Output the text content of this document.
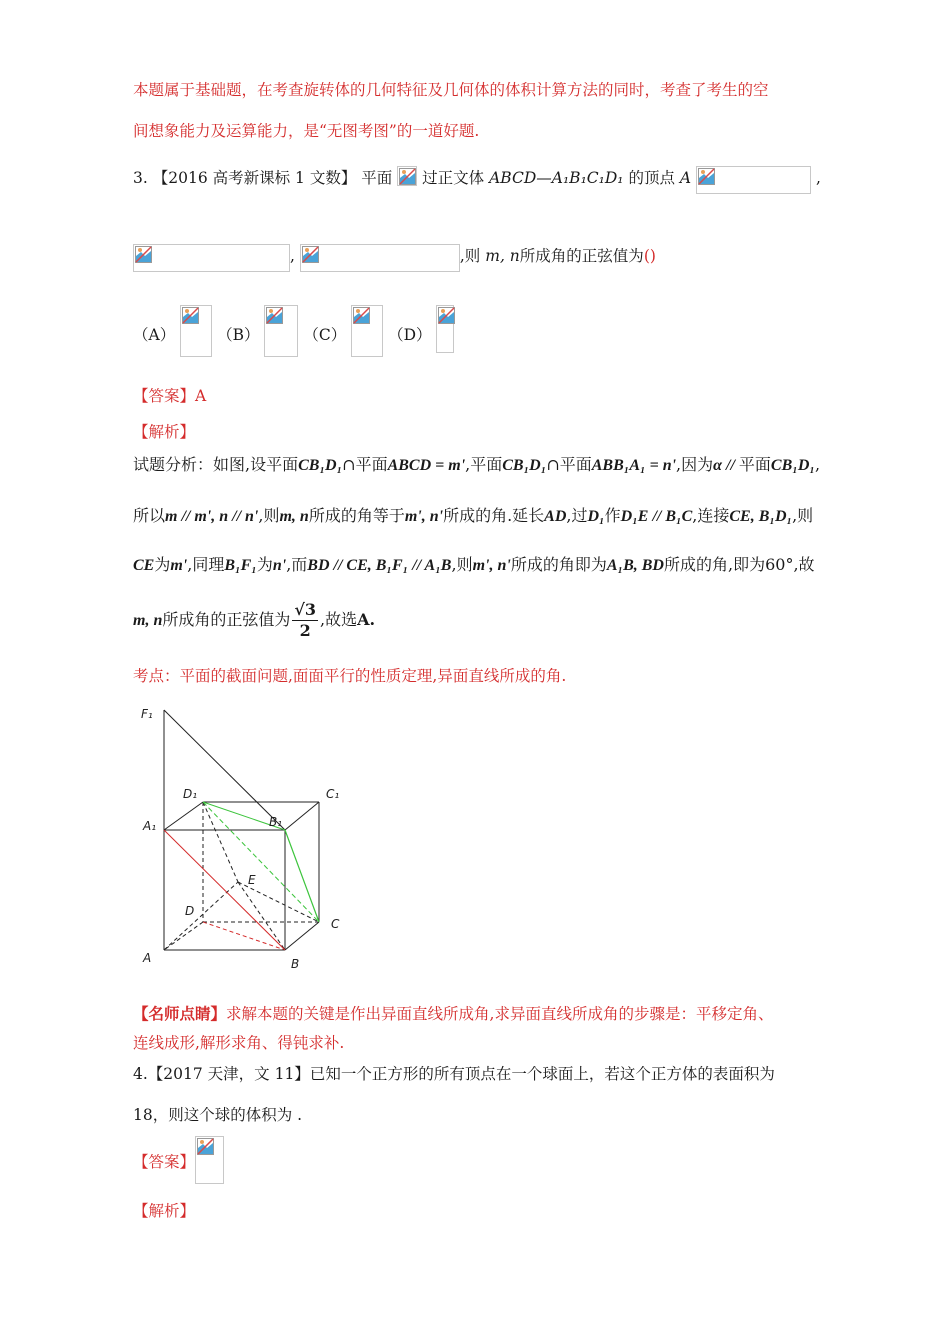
本题属于基础题，在考查旋转体的几何特征及几何体的体积计算方法的同时，考查了考生的空
间想象能力及运算能力，是“无图考图”的一道好题.
3. 【2016 高考新课标 1 文数】 平面 过正文体 ABCD—A₁B₁C₁D₁ 的顶点 A	,
,	,则 m, n所成角的正弦值为()
（A）	（B）	（C）	（D）
【答案】A
【解析】
试题分析：如图,设平面CB₁D₁∩平面ABCD = m',平面CB₁D₁∩平面ABB₁A₁ = n',因为α // 平面CB₁D₁,
所以m // m', n // n',则m, n所成的角等于m', n'所成的角.延长AD,过D₁作D₁E // B₁C,连接CE, B₁D₁,则
CE为m',同理B₁F₁为n',而BD // CE, B₁F₁ // A₁B,则m', n'所成的角即为A₁B, BD所成的角,即为60°,故
m, n所成角的正弦值为 $\frac{√3}{2}$ ,故选A.
考点：平面的截面问题,面面平行的性质定理,异面直线所成的角.
F₁
D₁	C₁
A₁	B₁
E
D
C
A	B
【名师点睛】求解本题的关键是作出异面直线所成角,求异面直线所成角的步骤是：平移定角、
连线成形,解形求角、得钝求补.
4.【2017 天津，文 11】已知一个正方形的所有顶点在一个球面上，若这个正方体的表面积为
18，则这个球的体积为 .
【答案】
【解析】
